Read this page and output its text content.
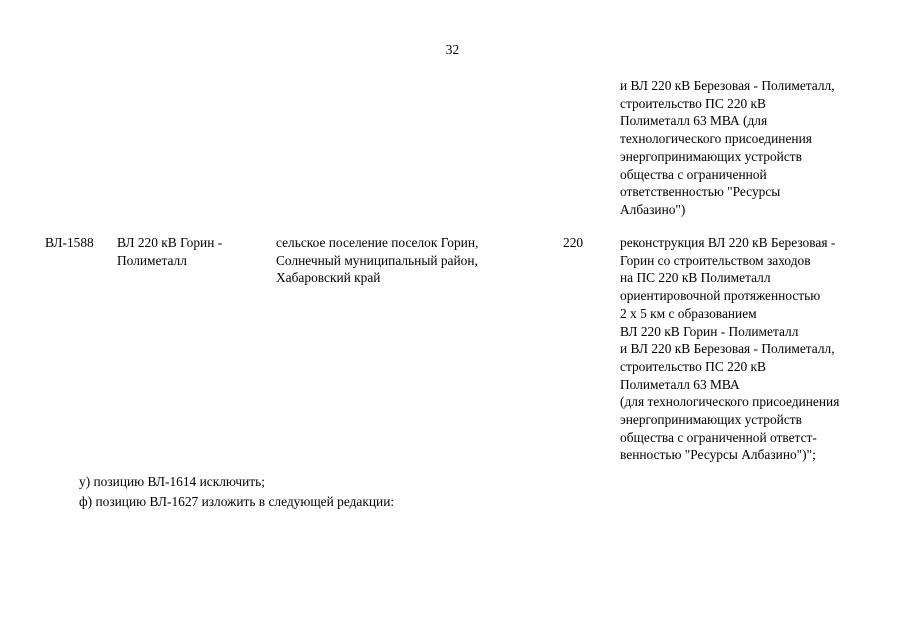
32
и ВЛ 220 кВ Березовая - Полиметалл,
строительство ПС 220 кВ
Полиметалл 63 МВА (для
технологического присоединения
энергопринимающих устройств
общества с ограниченной
ответственностью "Ресурсы
Албазино")
ВЛ-1588 ВЛ 220 кВ Горин -
Полиметалл
сельское поселение поселок Горин,
Солнечный муниципальный район,
Хабаровский край
220	реконструкция ВЛ 220 кВ Березовая -
Горин со строительством заходов
на ПС 220 кВ Полиметалл
ориентировочной протяженностью
2 х 5 км с образованием
ВЛ 220 кВ Горин - Полиметалл
и ВЛ 220 кВ Березовая - Полиметалл,
строительство ПС 220 кВ
Полиметалл 63 МВА
(для технологического присоединения
энергопринимающих устройств
общества с ограниченной ответст-
венностью "Ресурсы Албазино")";

у) позицию ВЛ-1614 исключить;

ф) позицию ВЛ-1627 изложить в следующей редакции:
